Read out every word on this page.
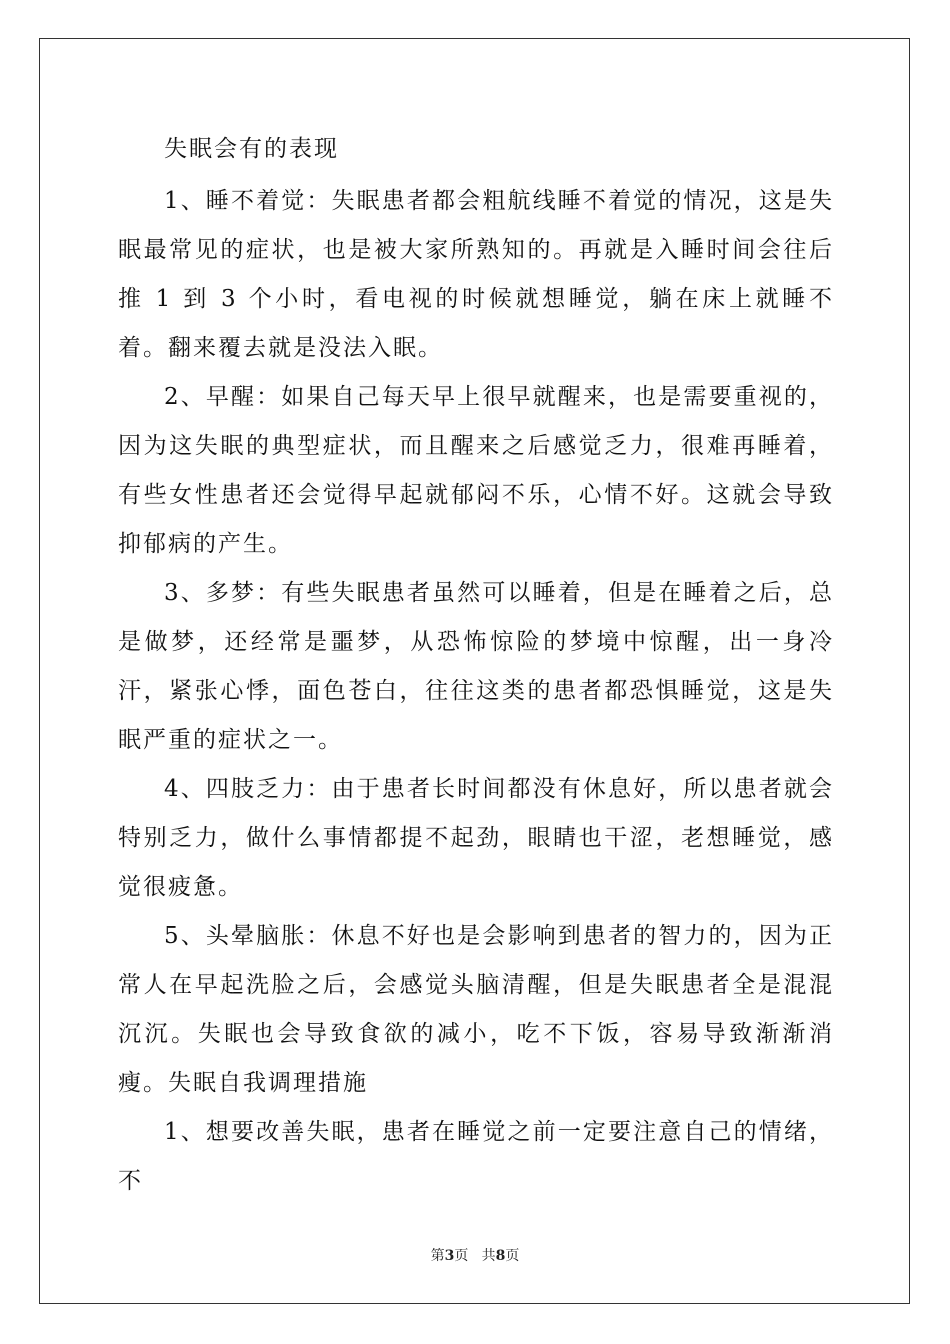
失眠会有的表现

1、睡不着觉：失眠患者都会粗航线睡不着觉的情况，这是失眠最常见的症状，也是被大家所熟知的。再就是入睡时间会往后推 1 到 3 个小时，看电视的时候就想睡觉，躺在床上就睡不着。翻来覆去就是没法入眠。

2、早醒：如果自己每天早上很早就醒来，也是需要重视的，因为这失眠的典型症状，而且醒来之后感觉乏力，很难再睡着，有些女性患者还会觉得早起就郁闷不乐，心情不好。这就会导致抑郁病的产生。

3、多梦：有些失眠患者虽然可以睡着，但是在睡着之后，总是做梦，还经常是噩梦，从恐怖惊险的梦境中惊醒，出一身冷汗，紧张心悸，面色苍白，往往这类的患者都恐惧睡觉，这是失眠严重的症状之一。

4、四肢乏力：由于患者长时间都没有休息好，所以患者就会特别乏力，做什么事情都提不起劲，眼睛也干涩，老想睡觉，感觉很疲惫。

5、头晕脑胀：休息不好也是会影响到患者的智力的，因为正常人在早起洗脸之后，会感觉头脑清醒，但是失眠患者全是混混沉沉。失眠也会导致食欲的减小，吃不下饭，容易导致渐渐消瘦。失眠自我调理措施

1、想要改善失眠，患者在睡觉之前一定要注意自己的情绪，不

第3页 共8页
